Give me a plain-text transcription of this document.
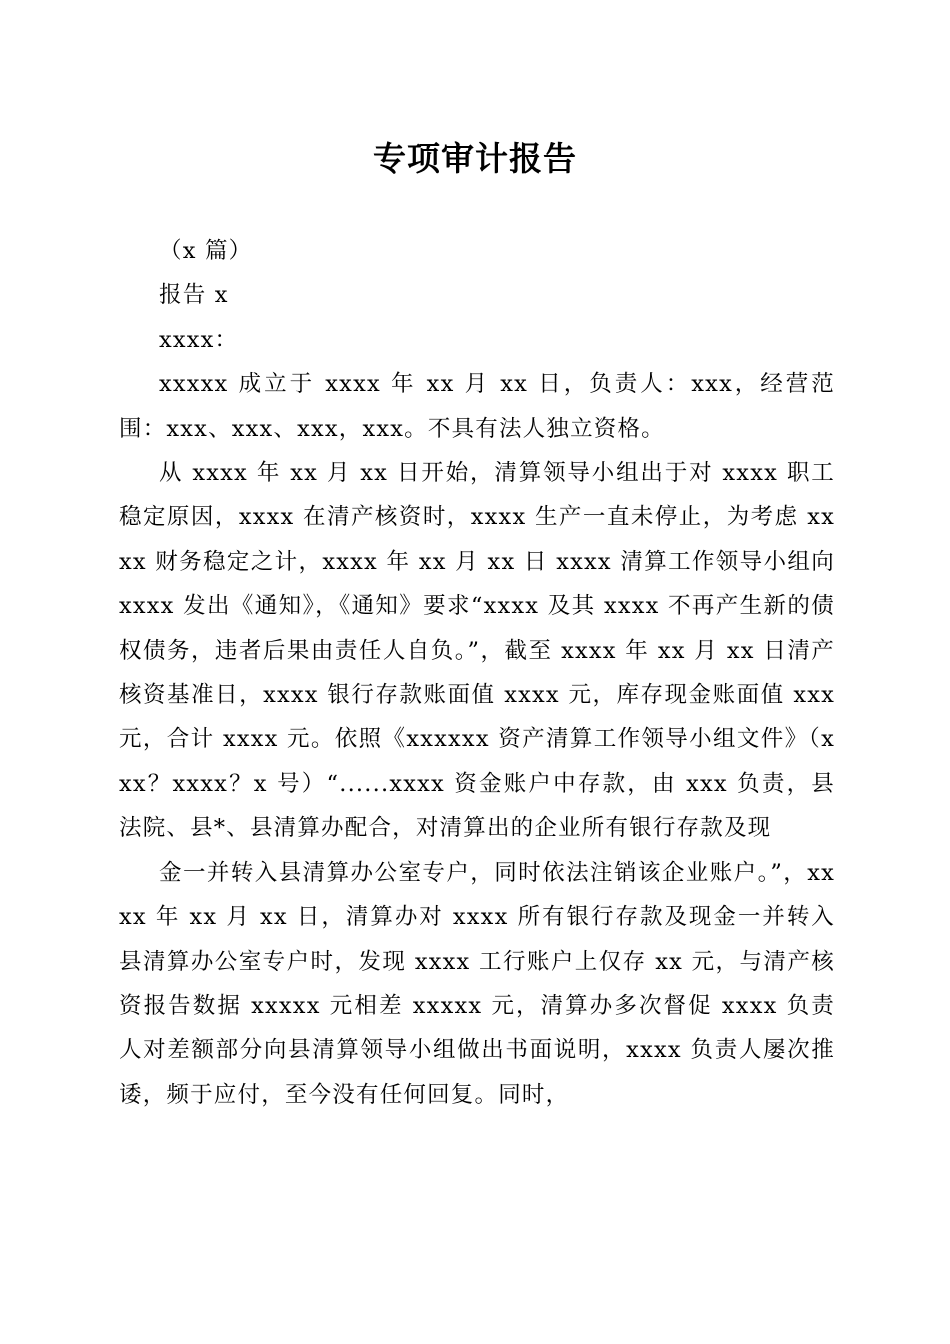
专项审计报告

（x 篇）

报告 x

xxxx：

xxxxx 成立于 xxxx 年 xx 月 xx 日，负责人：xxx，经营范围：xxx、xxx、xxx，xxx。不具有法人独立资格。

从 xxxx 年 xx 月 xx 日开始，清算领导小组出于对 xxxx 职工稳定原因，xxxx 在清产核资时，xxxx 生产一直未停止，为考虑 xxxx 财务稳定之计，xxxx 年 xx 月 xx 日 xxxx 清算工作领导小组向 xxxx 发出《通知》，《通知》要求“xxxx 及其 xxxx 不再产生新的债权债务，违者后果由责任人自负。”，截至 xxxx 年 xx 月 xx 日清产核资基准日，xxxx 银行存款账面值 xxxx 元，库存现金账面值 xxx 元，合计 xxxx 元。依照《xxxxxx 资产清算工作领导小组文件》（xxx？xxxx？x 号）“......xxxx 资金账户中存款，由 xxx 负责，县法院、县*、县清算办配合，对清算出的企业所有银行存款及现

金一并转入县清算办公室专户，同时依法注销该企业账户。”，xxxx 年 xx 月 xx 日，清算办对 xxxx 所有银行存款及现金一并转入县清算办公室专户时，发现 xxxx 工行账户上仅存 xx 元，与清产核资报告数据 xxxxx 元相差 xxxxx 元，清算办多次督促 xxxx 负责人对差额部分向县清算领导小组做出书面说明，xxxx 负责人屡次推诿，频于应付，至今没有任何回复。同时，
